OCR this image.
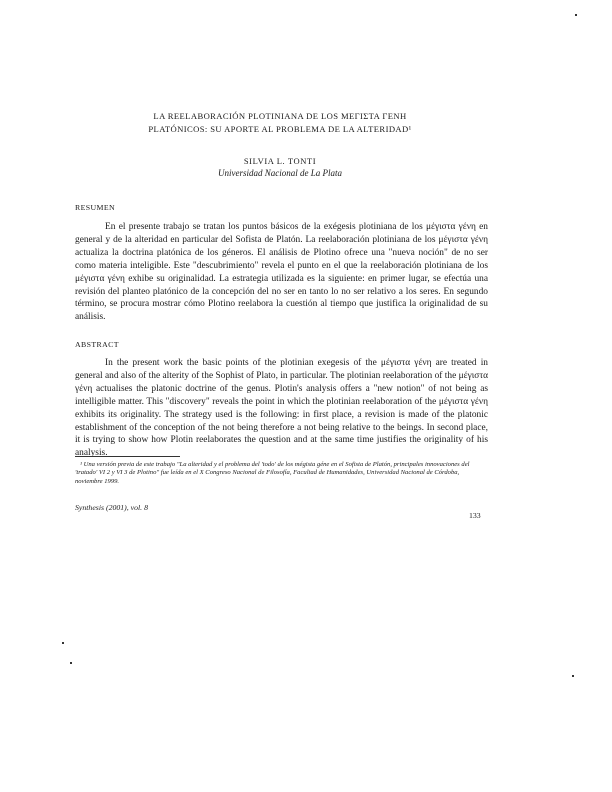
LA REELABORACIÓN PLOTINIANA DE LOS ΜΕΓΙΣΤΑ ΓΕΝΗ
PLATÓNICOS: SU APORTE AL PROBLEMA DE LA ALTERIDAD¹
SILVIA L. TONTI
Universidad Nacional de La Plata
RESUMEN
En el presente trabajo se tratan los puntos básicos de la exégesis plotiniana de los μέγιστα γένη en general y de la alteridad en particular del Sofista de Platón. La reelaboración plotiniana de los μέγιστα γένη actualiza la doctrina platónica de los géneros. El análisis de Plotino ofrece una "nueva noción" de no ser como materia inteligible. Este "descubrimiento" revela el punto en el que la reelaboración plotiniana de los μέγιστα γένη exhibe su originalidad. La estrategia utilizada es la siguiente: en primer lugar, se efectúa una revisión del planteo platónico de la concepción del no ser en tanto lo no ser relativo a los seres. En segundo término, se procura mostrar cómo Plotino reelabora la cuestión al tiempo que justifica la originalidad de su análisis.
ABSTRACT
In the present work the basic points of the plotinian exegesis of the μέγιστα γένη are treated in general and also of the alterity of the Sophist of Plato, in particular. The plotinian reelaboration of the μέγιστα γένη actualises the platonic doctrine of the genus. Plotin's analysis offers a "new notion" of not being as intelligible matter. This "discovery" reveals the point in which the plotinian reelaboration of the μέγιστα γένη exhibits its originality. The strategy used is the following: in first place, a revision is made of the platonic establishment of the conception of the not being therefore a not being relative to the beings. In second place, it is trying to show how Plotin reelaborates the question and at the same time justifies the originality of his analysis.
¹ Una versión previa de este trabajo "La alteridad y el problema del 'todo' de los mégista géne en el Sofista de Platón, principales innovaciones del 'tratado' VI 2 y VI 3 de Plotino" fue leída en el X Congreso Nacional de Filosofía, Facultad de Humanidades, Universidad Nacional de Córdoba, noviembre 1999.
Synthesis (2001), vol. 8
133
